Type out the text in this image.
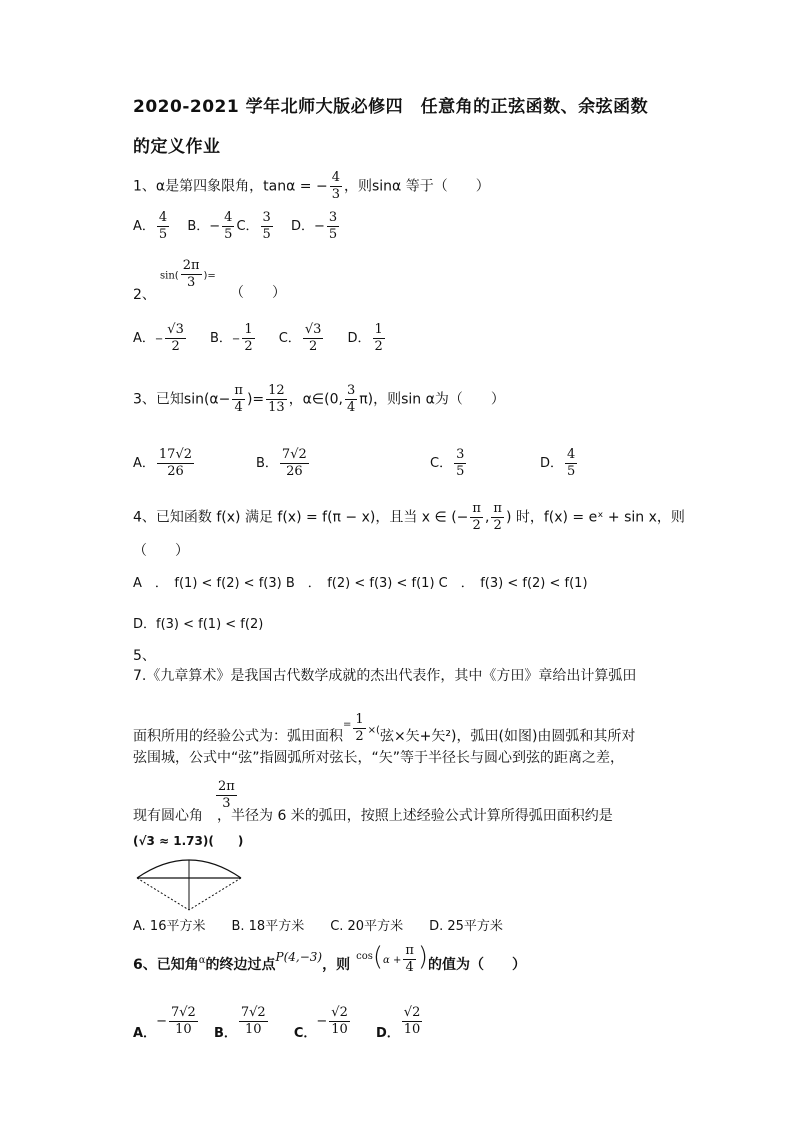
2020-2021 学年北师大版必修四　任意角的正弦函数、余弦函数
的定义作业
1、α是第四象限角，tanα = − $\frac{4}{3}$ ，则sinα 等于（　　）
A． $\frac{4}{5}$ B．− $\frac{4}{5}$ C． $\frac{3}{5}$ D．− $\frac{3}{5}$
$\sin( \frac{2\pi}{3}$ )=
2、	（　　）
A．− $\frac{√3}{2}$ B．− $\frac{1}{2}$ C． $\frac{√3}{2}$ D． $\frac{1}{2}$
3、已知$\sin(\alpha- \frac{\pi}{4}$ )= $\frac{12}{13}$ ，α∈(0, $\frac{3}{4} \pi$)，则sin α为（　　）
A． $\frac{17√2}{26}$	B． $\frac{7√2}{26}$	C． $\frac{3}{5}$	D． $\frac{4}{5}$
4、已知函数 f(x) 满足 f(x) = f(π − x)，且当 x ∈ (− $\frac{\pi}{2}$ , $\frac{\pi}{2}$ ) 时，f(x) = eˣ + sin x，则
（　　）
A　．　f(1) < f(2) < f(3) B　．　f(2) < f(3) < f(1) C　．　f(3) < f(2) < f(1)
D．f(3) < f(1) < f(2)
5、
7.《九章算术》是我国古代数学成就的杰出代表作，其中《方田》章给出计算弧田
面积所用的经验公式为：弧田面积$^= \frac{1}{2} ^{\times(}$弦×矢+矢²)，弧田(如图)由圆弧和其所对
弦围城，公式中“弦”指圆弧所对弦长，“矢”等于半径长与圆心到弦的距离之差，
$\frac{2\pi}{3}$
现有圆心角　，半径为 6 米的弧田，按照上述经验公式计算所得弧田面积约是
(√3 ≈ 1.73)(　　)
A. 16平方米　　B. 18平方米　　C. 20平方米　　D. 25平方米
6、已知角$^\alpha$的终边过点P(4,−3)，则$^{cos}(^{\alpha +} \frac{\pi}{4}$ )的值为（　　）
A．− $\frac{7√2}{10}$ B． $\frac{7√2}{10}$ C．− $\frac{√2}{10}$ D． $\frac{√2}{10}$
